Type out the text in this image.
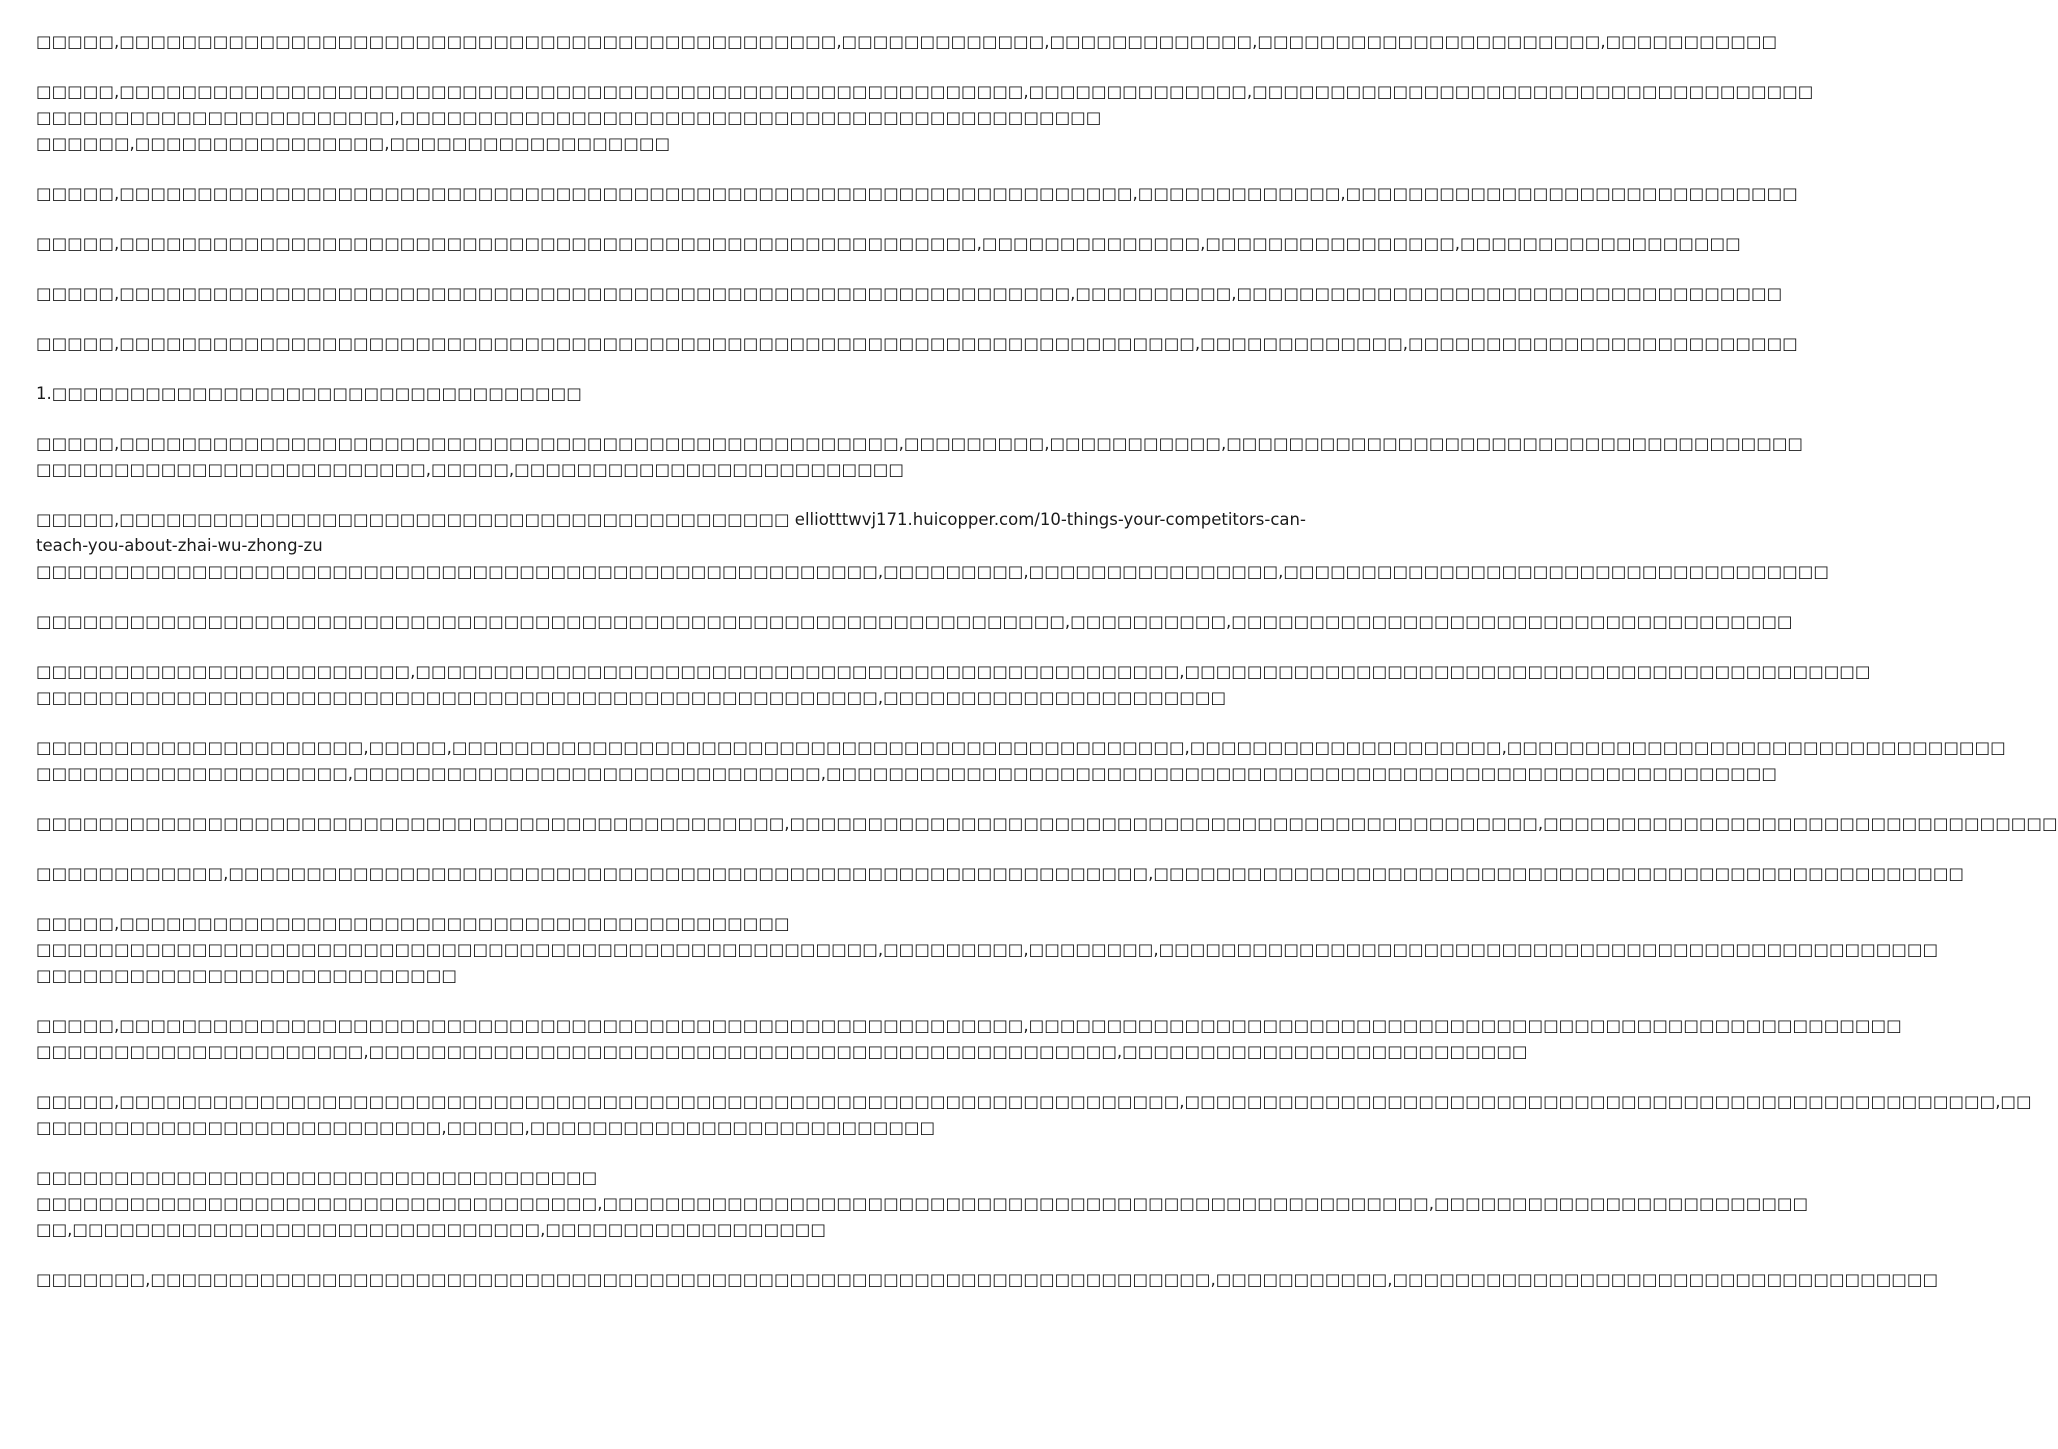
□□□□□,□□□□□□□□□□□□□□□□□□□□□□□□□□□□□□□□□□□□□□□□□□□□□□,□□□□□□□□□□□□□,□□□□□□□□□□□□□,□□□□□□□□□□□□□□□□□□□□□□,□□□□□□□□□□□
□□□□□,□□□□□□□□□□□□□□□□□□□□□□□□□□□□□□□□□□□□□□□□□□□□□□□□□□□□□□□□□□,□□□□□□□□□□□□□□,□□□□□□□□□□□□□□□□□□□□□□□□□□□□□□□□□□□□
□□□□□□□□□□□□□□□□□□□□□□□,□□□□□□□□□□□□□□□□□□□□□□□□□□□□□□□□□□□□□□□□□□□□□
□□□□□□,□□□□□□□□□□□□□□□□,□□□□□□□□□□□□□□□□□□
□□□□□,□□□□□□□□□□□□□□□□□□□□□□□□□□□□□□□□□□□□□□□□□□□□□□□□□□□□□□□□□□□□□□□□□,□□□□□□□□□□□□□,□□□□□□□□□□□□□□□□□□□□□□□□□□□□□
□□□□□,□□□□□□□□□□□□□□□□□□□□□□□□□□□□□□□□□□□□□□□□□□□□□□□□□□□□□□□,□□□□□□□□□□□□□□,□□□□□□□□□□□□□□□□,□□□□□□□□□□□□□□□□□□
□□□□□,□□□□□□□□□□□□□□□□□□□□□□□□□□□□□□□□□□□□□□□□□□□□□□□□□□□□□□□□□□□□□,□□□□□□□□□□,□□□□□□□□□□□□□□□□□□□□□□□□□□□□□□□□□□□
□□□□□,□□□□□□□□□□□□□□□□□□□□□□□□□□□□□□□□□□□□□□□□□□□□□□□□□□□□□□□□□□□□□□□□□□□□□,□□□□□□□□□□□□□,□□□□□□□□□□□□□□□□□□□□□□□□□
1.□□□□□□□□□□□□□□□□□□□□□□□□□□□□□□□□□□
□□□□□,□□□□□□□□□□□□□□□□□□□□□□□□□□□□□□□□□□□□□□□□□□□□□□□□□□,□□□□□□□□□,□□□□□□□□□□□,□□□□□□□□□□□□□□□□□□□□□□□□□□□□□□□□□□□□□
□□□□□□□□□□□□□□□□□□□□□□□□□,□□□□□,□□□□□□□□□□□□□□□□□□□□□□□□□
□□□□□,□□□□□□□□□□□□□□□□□□□□□□□□□□□□□□□□□□□□□□□□□□□ elliotttwvj171.huicopper.com/10-things-your-competitors-can-
teach-you-about-zhai-wu-zhong-zu
□□□□□□□□□□□□□□□□□□□□□□□□□□□□□□□□□□□□□□□□□□□□□□□□□□□□□□,□□□□□□□□□,□□□□□□□□□□□□□□□□,□□□□□□□□□□□□□□□□□□□□□□□□□□□□□□□□□□□
□□□□□□□□□□□□□□□□□□□□□□□□□□□□□□□□□□□□□□□□□□□□□□□□□□□□□□□□□□□□□□□□□□,□□□□□□□□□□,□□□□□□□□□□□□□□□□□□□□□□□□□□□□□□□□□□□□
□□□□□□□□□□□□□□□□□□□□□□□□,□□□□□□□□□□□□□□□□□□□□□□□□□□□□□□□□□□□□□□□□□□□□□□□□□,□□□□□□□□□□□□□□□□□□□□□□□□□□□□□□□□□□□□□□□□□□□□
□□□□□□□□□□□□□□□□□□□□□□□□□□□□□□□□□□□□□□□□□□□□□□□□□□□□□□,□□□□□□□□□□□□□□□□□□□□□□
□□□□□□□□□□□□□□□□□□□□□,□□□□□,□□□□□□□□□□□□□□□□□□□□□□□□□□□□□□□□□□□□□□□□□□□□□□□,□□□□□□□□□□□□□□□□□□□□,□□□□□□□□□□□□□□□□□□□□□□□□□□□□□□□□
□□□□□□□□□□□□□□□□□□□□,□□□□□□□□□□□□□□□□□□□□□□□□□□□□□□,□□□□□□□□□□□□□□□□□□□□□□□□□□□□□□□□□□□□□□□□□□□□□□□□□□□□□□□□□□□□□
□□□□□□□□□□□□□□□□□□□□□□□□□□□□□□□□□□□□□□□□□□□□□□□□,□□□□□□□□□□□□□□□□□□□□□□□□□□□□□□□□□□□□□□□□□□□□□□□□,□□□□□□□□□□□□□□□□□□□□□□□□□□□□□□□□□
□□□□□□□□□□□□,□□□□□□□□□□□□□□□□□□□□□□□□□□□□□□□□□□□□□□□□□□□□□□□□□□□□□□□□□□□,□□□□□□□□□□□□□□□□□□□□□□□□□□□□□□□□□□□□□□□□□□□□□□□□□□□□
□□□□□,□□□□□□□□□□□□□□□□□□□□□□□□□□□□□□□□□□□□□□□□□□□
□□□□□□□□□□□□□□□□□□□□□□□□□□□□□□□□□□□□□□□□□□□□□□□□□□□□□□,□□□□□□□□□,□□□□□□□□,□□□□□□□□□□□□□□□□□□□□□□□□□□□□□□□□□□□□□□□□□□□□□□□□□□
□□□□□□□□□□□□□□□□□□□□□□□□□□□
□□□□□,□□□□□□□□□□□□□□□□□□□□□□□□□□□□□□□□□□□□□□□□□□□□□□□□□□□□□□□□□□,□□□□□□□□□□□□□□□□□□□□□□□□□□□□□□□□□□□□□□□□□□□□□□□□□□□□□□□□
□□□□□□□□□□□□□□□□□□□□□,□□□□□□□□□□□□□□□□□□□□□□□□□□□□□□□□□□□□□□□□□□□□□□□□,□□□□□□□□□□□□□□□□□□□□□□□□□□
□□□□□,□□□□□□□□□□□□□□□□□□□□□□□□□□□□□□□□□□□□□□□□□□□□□□□□□□□□□□□□□□□□□□□□□□□□,□□□□□□□□□□□□□□□□□□□□□□□□□□□□□□□□□□□□□□□□□□□□□□□□□□□□,□□
□□□□□□□□□□□□□□□□□□□□□□□□□□,□□□□□,□□□□□□□□□□□□□□□□□□□□□□□□□□
□□□□□□□□□□□□□□□□□□□□□□□□□□□□□□□□□□□□
□□□□□□□□□□□□□□□□□□□□□□□□□□□□□□□□□□□□,□□□□□□□□□□□□□□□□□□□□□□□□□□□□□□□□□□□□□□□□□□□□□□□□□□□□□,□□□□□□□□□□□□□□□□□□□□□□□□
□□,□□□□□□□□□□□□□□□□□□□□□□□□□□□□□□,□□□□□□□□□□□□□□□□□□
□□□□□□□,□□□□□□□□□□□□□□□□□□□□□□□□□□□□□□□□□□□□□□□□□□□□□□□□□□□□□□□□□□□□□□□□□□□□,□□□□□□□□□□□,□□□□□□□□□□□□□□□□□□□□□□□□□□□□□□□□□□□
